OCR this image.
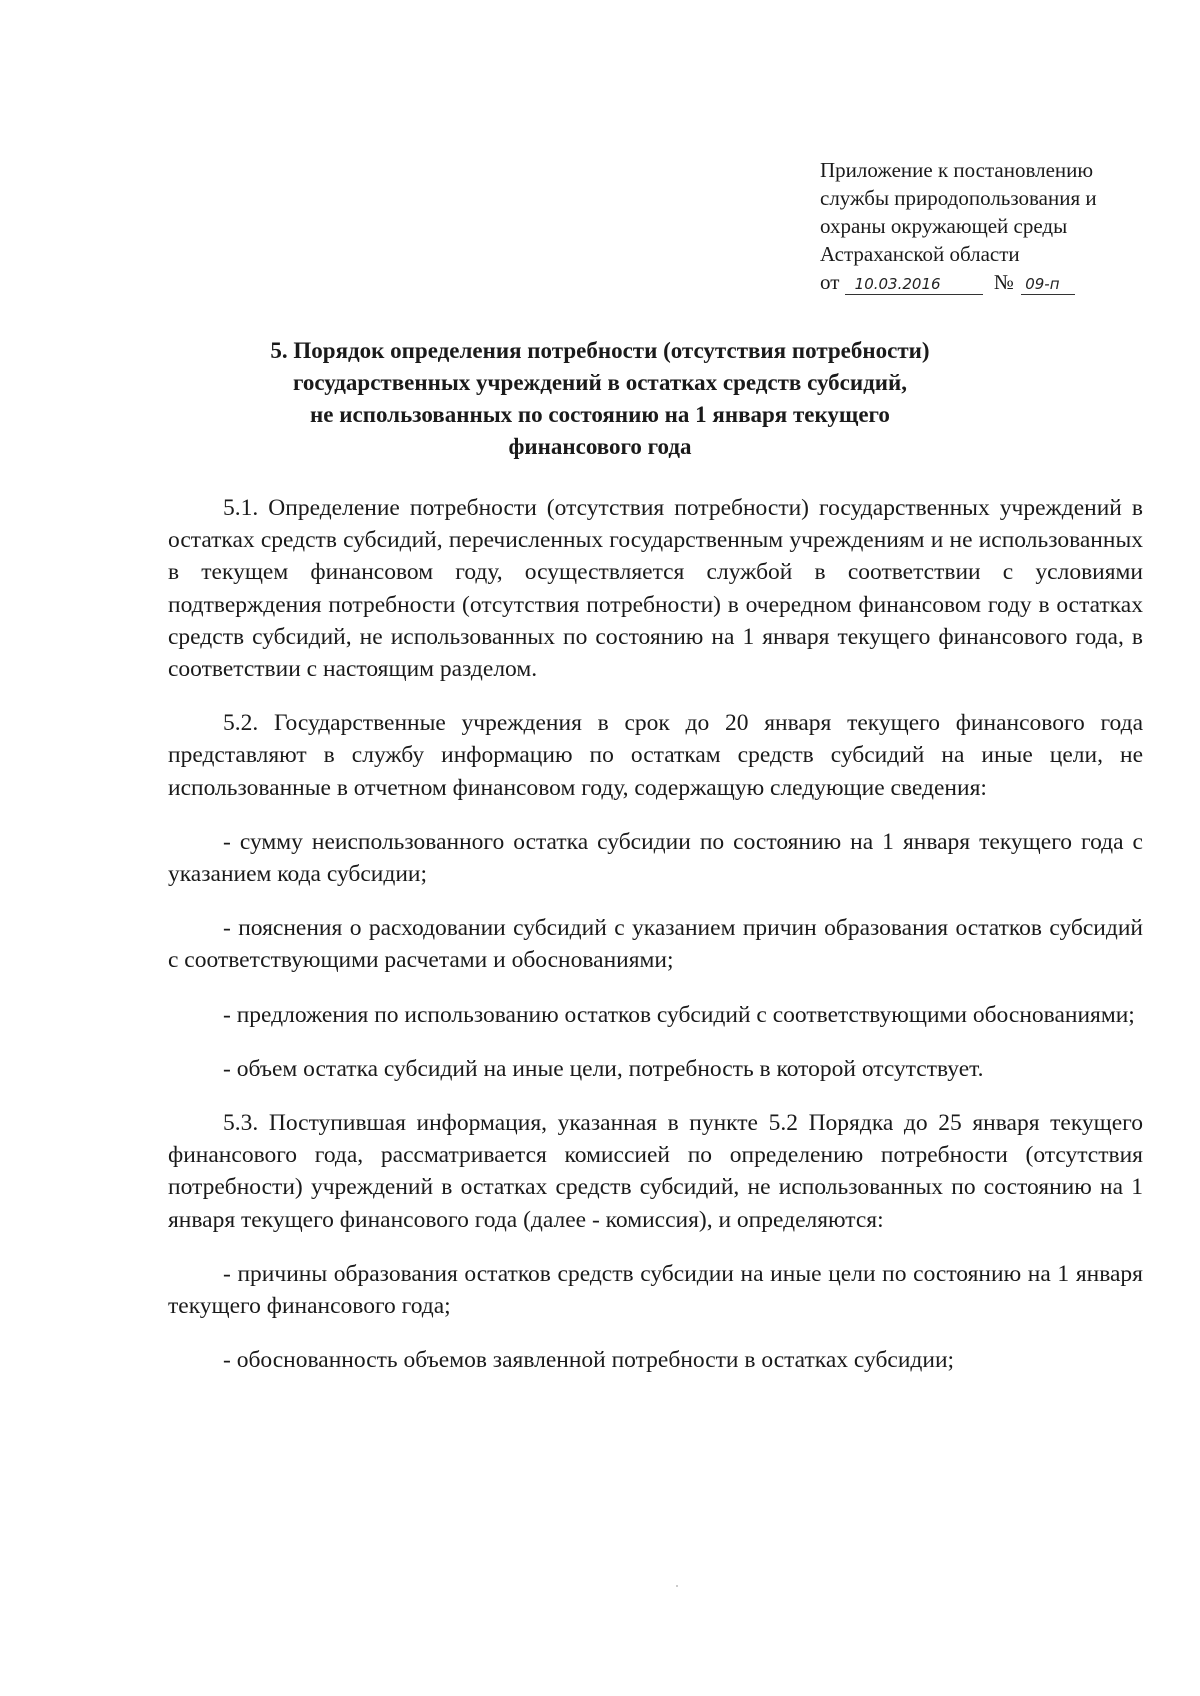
Приложение к постановлению
службы природопользования и
охраны окружающей среды
Астраханской области
от 10.03.2016	№ 09-п
5. Порядок определения потребности (отсутствия потребности)
государственных учреждений в остатках средств субсидий,
не использованных по состоянию на 1 января текущего
финансового года

5.1. Определение потребности (отсутствия потребности) государственных учреждений в остатках средств субсидий, перечисленных государственным учреждениям и не использованных в текущем финансовом году, осуществляется службой в соответствии с условиями подтверждения потребности (отсутствия потребности) в очередном финансовом году в остатках средств субсидий, не использованных по состоянию на 1 января текущего финансового года, в соответствии с настоящим разделом.

5.2. Государственные учреждения в срок до 20 января текущего финансового года представляют в службу информацию по остаткам средств субсидий на иные цели, не использованные в отчетном финансовом году, содержащую следующие сведения:

- сумму неиспользованного остатка субсидии по состоянию на 1 января текущего года с указанием кода субсидии;

- пояснения о расходовании субсидий с указанием причин образования остатков субсидий с соответствующими расчетами и обоснованиями;

- предложения по использованию остатков субсидий с соответствующими обоснованиями;

- объем остатка субсидий на иные цели, потребность в которой отсутствует.

5.3. Поступившая информация, указанная в пункте 5.2 Порядка до 25 января текущего финансового года, рассматривается комиссией по определению потребности (отсутствия потребности) учреждений в остатках средств субсидий, не использованных по состоянию на 1 января текущего финансового года (далее - комиссия), и определяются:

- причины образования остатков средств субсидии на иные цели по состоянию на 1 января текущего финансового года;

- обоснованность объемов заявленной потребности в остатках субсидии;
